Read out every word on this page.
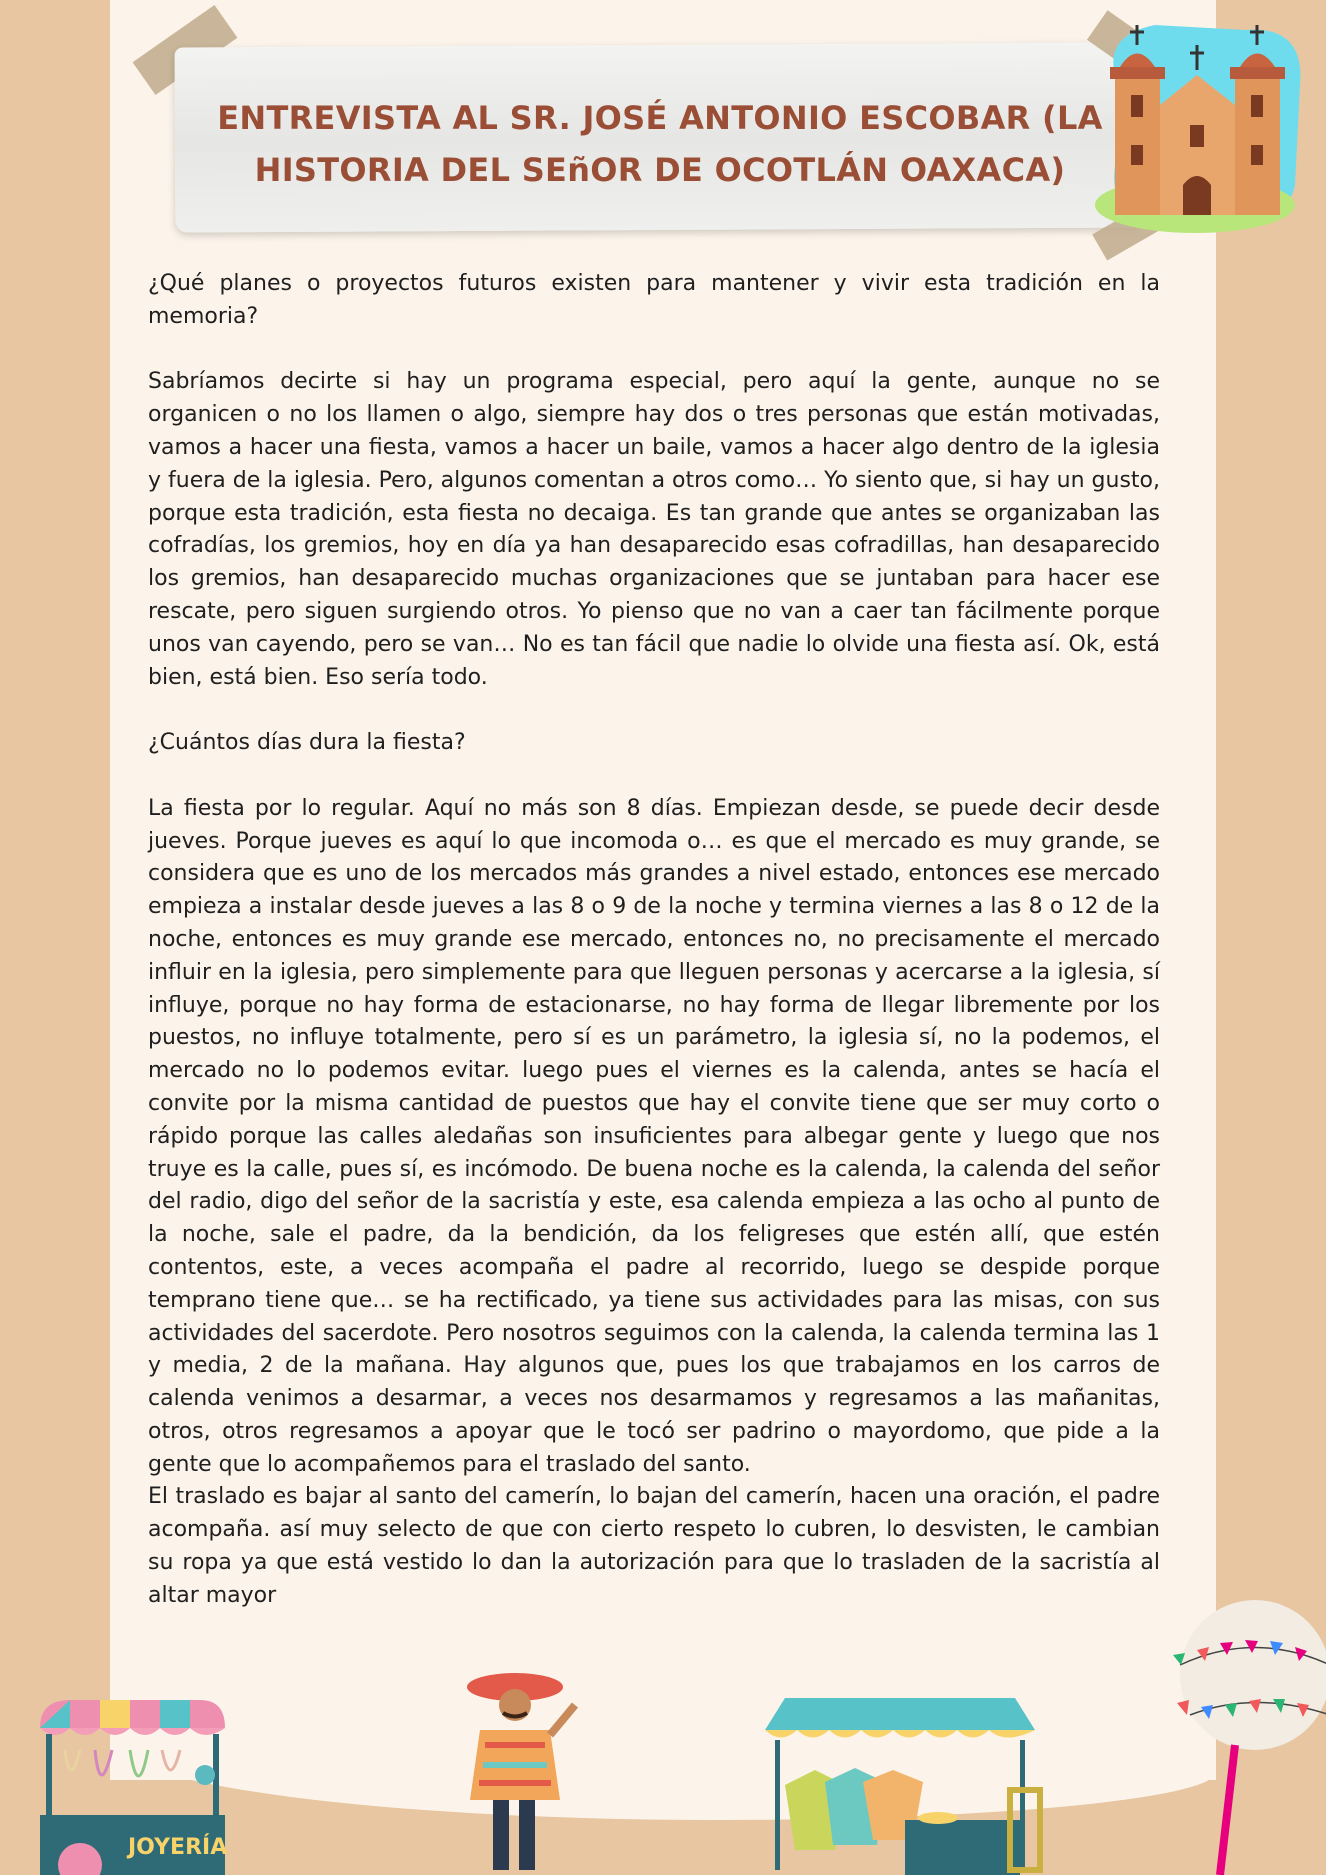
ENTREVISTA AL SR. JOSÉ ANTONIO ESCOBAR (LA HISTORIA DEL SEñOR DE OCOTLÁN OAXACA)

¿Qué planes o proyectos futuros existen para mantener y vivir esta tradición en la memoria?

Sabríamos decirte si hay un programa especial, pero aquí la gente, aunque no se organicen o no los llamen o algo, siempre hay dos o tres personas que están motivadas, vamos a hacer una fiesta, vamos a hacer un baile, vamos a hacer algo dentro de la iglesia y fuera de la iglesia. Pero, algunos comentan a otros como… Yo siento que, si hay un gusto, porque esta tradición, esta fiesta no decaiga. Es tan grande que antes se organizaban las cofradías, los gremios, hoy en día ya han desaparecido esas cofradillas, han desaparecido los gremios, han desaparecido muchas organizaciones que se juntaban para hacer ese rescate, pero siguen surgiendo otros. Yo pienso que no van a caer tan fácilmente porque unos van cayendo, pero se van… No es tan fácil que nadie lo olvide una fiesta así. Ok, está bien, está bien. Eso sería todo.

¿Cuántos días dura la fiesta?

La fiesta por lo regular. Aquí no más son 8 días. Empiezan desde, se puede decir desde jueves. Porque jueves es aquí lo que incomoda o… es que el mercado es muy grande, se considera que es uno de los mercados más grandes a nivel estado, entonces ese mercado empieza a instalar desde jueves a las 8 o 9 de la noche y termina viernes a las 8 o 12 de la noche, entonces es muy grande ese mercado, entonces no, no precisamente el mercado influir en la iglesia, pero simplemente para que lleguen personas y acercarse a la iglesia, sí influye, porque no hay forma de estacionarse, no hay forma de llegar libremente por los puestos, no influye totalmente, pero sí es un parámetro, la iglesia sí, no la podemos, el mercado no lo podemos evitar. luego pues el viernes es la calenda, antes se hacía el convite por la misma cantidad de puestos que hay el convite tiene que ser muy corto o rápido porque las calles aledañas son insuficientes para albegar gente y luego que nos truye es la calle, pues sí, es incómodo. De buena noche es la calenda, la calenda del señor del radio, digo del señor de la sacristía y este, esa calenda empieza a las ocho al punto de la noche, sale el padre, da la bendición, da los feligreses que estén allí, que estén contentos, este, a veces acompaña el padre al recorrido, luego se despide porque temprano tiene que… se ha rectificado, ya tiene sus actividades para las misas, con sus actividades del sacerdote. Pero nosotros seguimos con la calenda, la calenda termina las 1 y media, 2 de la mañana. Hay algunos que, pues los que trabajamos en los carros de calenda venimos a desarmar, a veces nos desarmamos y regresamos a las mañanitas, otros, otros regresamos a apoyar que le tocó ser padrino o mayordomo, que pide a la gente que lo acompañemos para el traslado del santo.

El traslado es bajar al santo del camerín, lo bajan del camerín, hacen una oración, el padre acompaña. así muy selecto de que con cierto respeto lo cubren, lo desvisten, le cambian su ropa ya que está vestido lo dan la autorización para que lo trasladen de la sacristía al altar mayor

JOYERÍA
